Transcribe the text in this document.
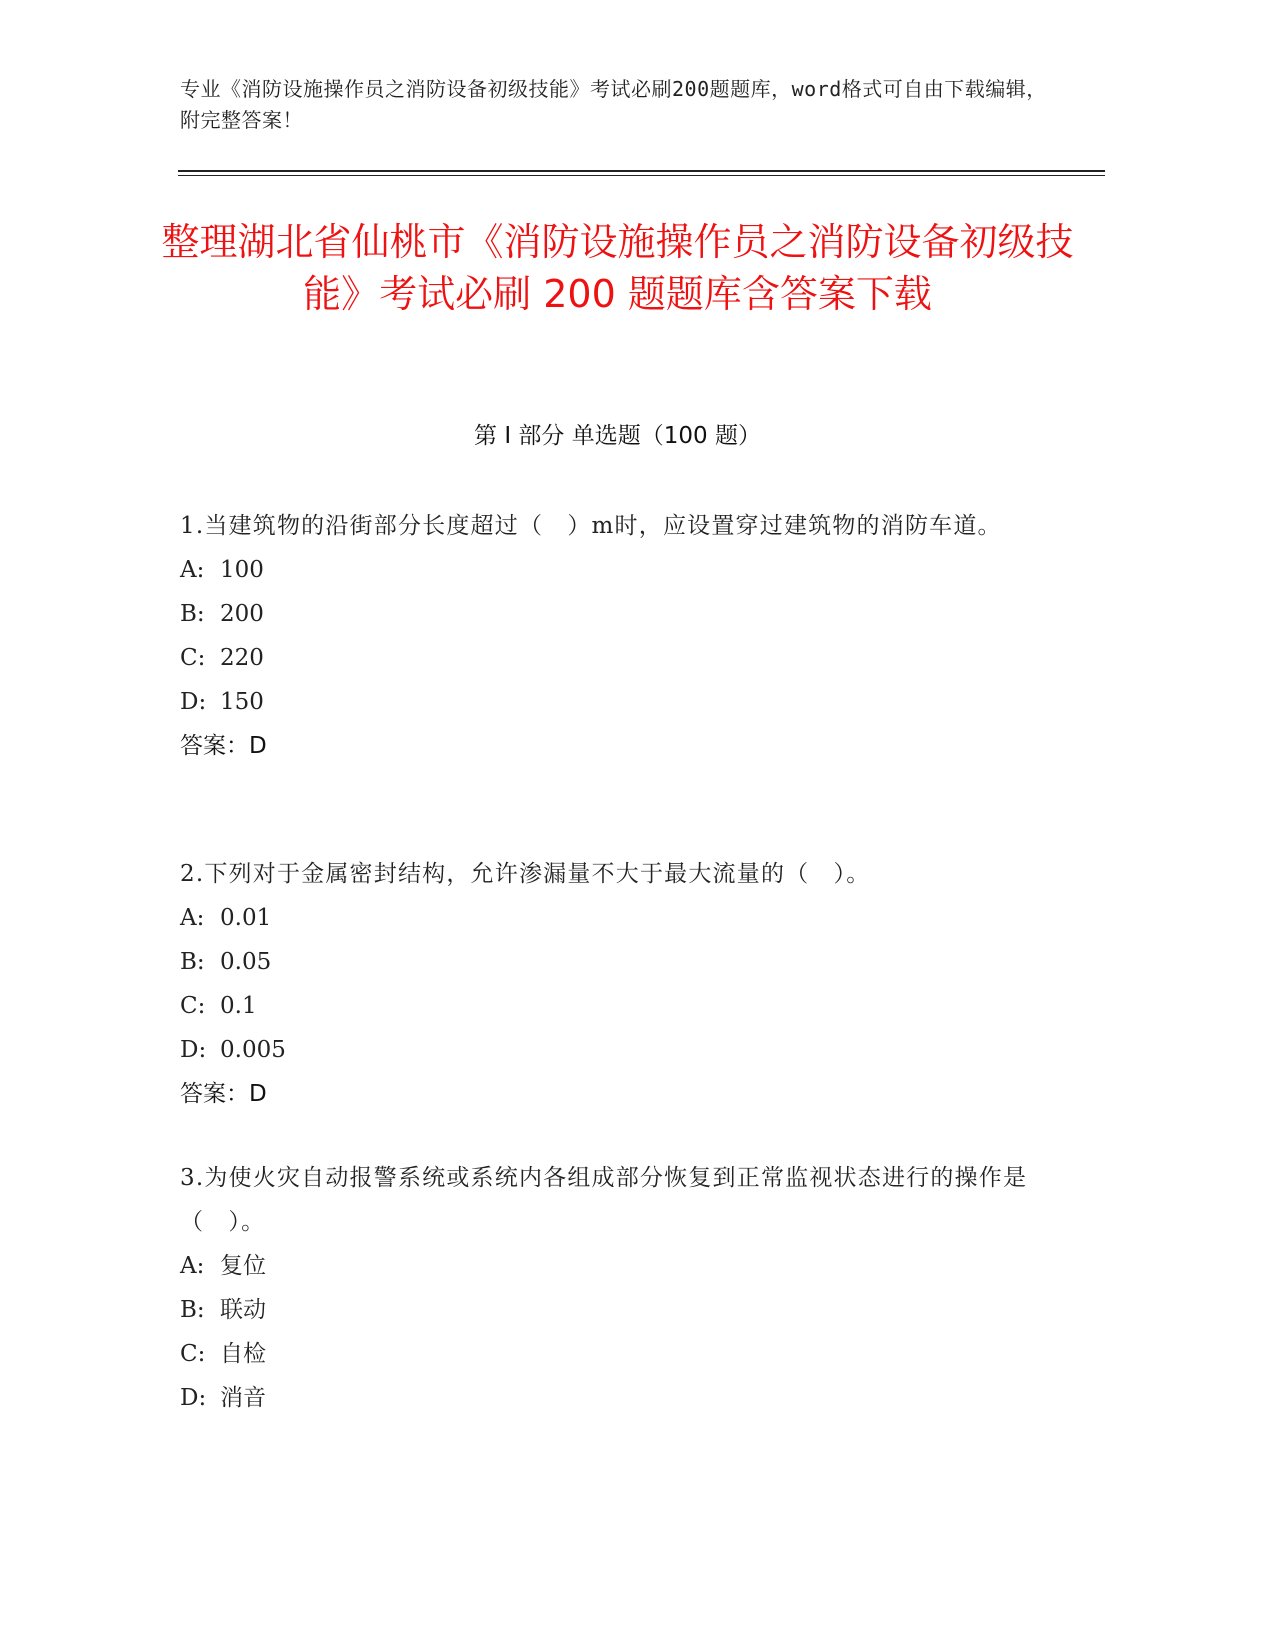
专业《消防设施操作员之消防设备初级技能》考试必刷200题题库，word格式可自由下载编辑，附完整答案！
整理湖北省仙桃市《消防设施操作员之消防设备初级技能》考试必刷 200 题题库含答案下载
第 I 部分 单选题（100 题）
1.当建筑物的沿街部分长度超过（　）m时，应设置穿过建筑物的消防车道。
A: 100
B: 200
C: 220
D: 150
答案：D
2.下列对于金属密封结构，允许渗漏量不大于最大流量的（　）。
A: 0.01
B: 0.05
C: 0.1
D: 0.005
答案：D
3.为使火灾自动报警系统或系统内各组成部分恢复到正常监视状态进行的操作是（　）。
A: 复位
B: 联动
C: 自检
D: 消音
